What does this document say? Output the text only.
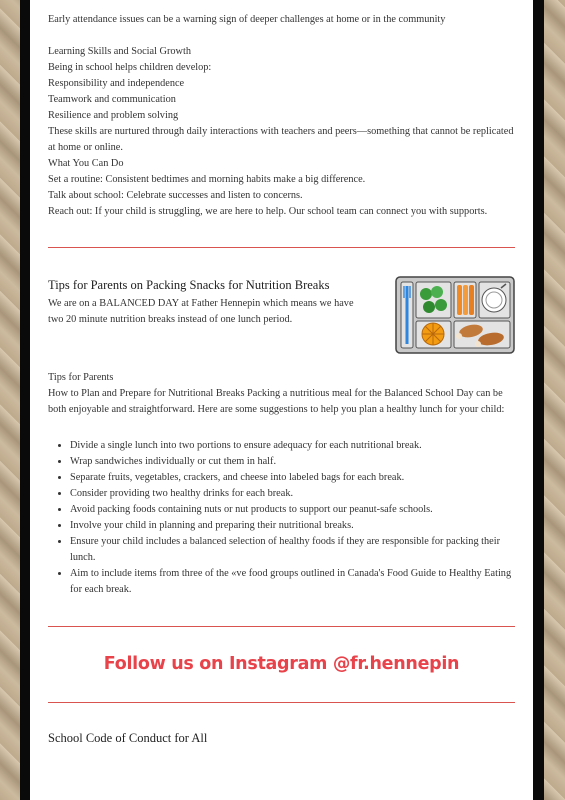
Early attendance issues can be a warning sign of deeper challenges at home or in the community

Learning Skills and Social Growth

Being in school helps children develop:

Responsibility and independence

Teamwork and communication

Resilience and problem solving

These skills are nurtured through daily interactions with teachers and peers—something that cannot be replicated at home or online.

What You Can Do

Set a routine: Consistent bedtimes and morning habits make a big difference.

Talk about school: Celebrate successes and listen to concerns.

Reach out: If your child is struggling, we are here to help. Our school team can connect you with supports.

Tips for Parents on Packing Snacks for Nutrition Breaks

We are on a BALANCED DAY at Father Hennepin which means we have two 20 minute nutrition breaks instead of one lunch period.

Tips for Parents

How to Plan and Prepare for Nutritional Breaks Packing a nutritious meal for the Balanced School Day can be both enjoyable and straightforward. Here are some suggestions to help you plan a healthy lunch for your child:

• Divide a single lunch into two portions to ensure adequacy for each nutritional break.
• Wrap sandwiches individually or cut them in half.
• Separate fruits, vegetables, crackers, and cheese into labeled bags for each break.
• Consider providing two healthy drinks for each break.
• Avoid packing foods containing nuts or nut products to support our peanut-safe schools.
• Involve your child in planning and preparing their nutritional breaks.
• Ensure your child includes a balanced selection of healthy foods if they are responsible for packing their lunch.
• Aim to include items from three of the «ve food groups outlined in Canada's Food Guide to Healthy Eating for each break.

Follow us on Instagram @fr.hennepin

School Code of Conduct for All
